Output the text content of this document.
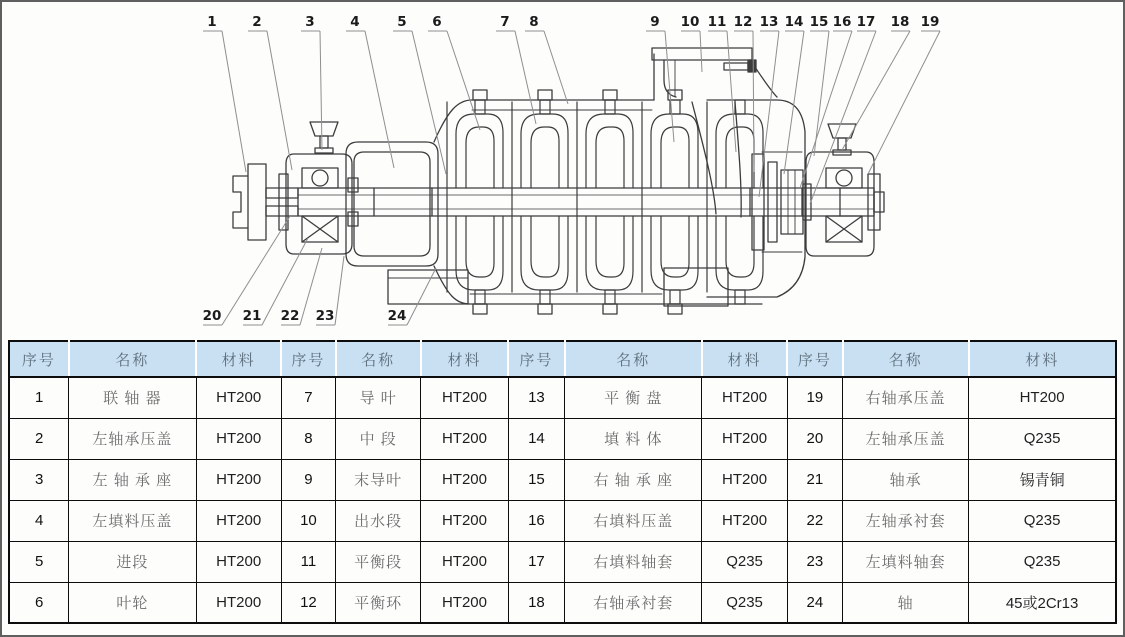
1	2	3	4	5 6	7 8	9 10 11 12 13 14 15 16 17 18 19
20 21 22 23	24
序号	名称	材料	序号	名称	材料	序号	名称	材料	序号	名称	材料
1	联 轴 器	HT200	7	导 叶	HT200	13	平 衡 盘	HT200	19	右轴承压盖	HT200
2	左轴承压盖	HT200	8	中 段	HT200	14	填 料 体	HT200	20	左轴承压盖	Q235
3	左 轴 承 座	HT200	9	末导叶	HT200	15	右 轴 承 座	HT200	21	轴承	锡青铜
4	左填料压盖	HT200	10	出水段	HT200	16	右填料压盖	HT200	22	左轴承衬套	Q235
5	进段	HT200	11	平衡段	HT200	17	右填料轴套	Q235	23	左填料轴套	Q235
6	叶轮	HT200	12	平衡环	HT200	18	右轴承衬套	Q235	24	轴	45或2Cr13
